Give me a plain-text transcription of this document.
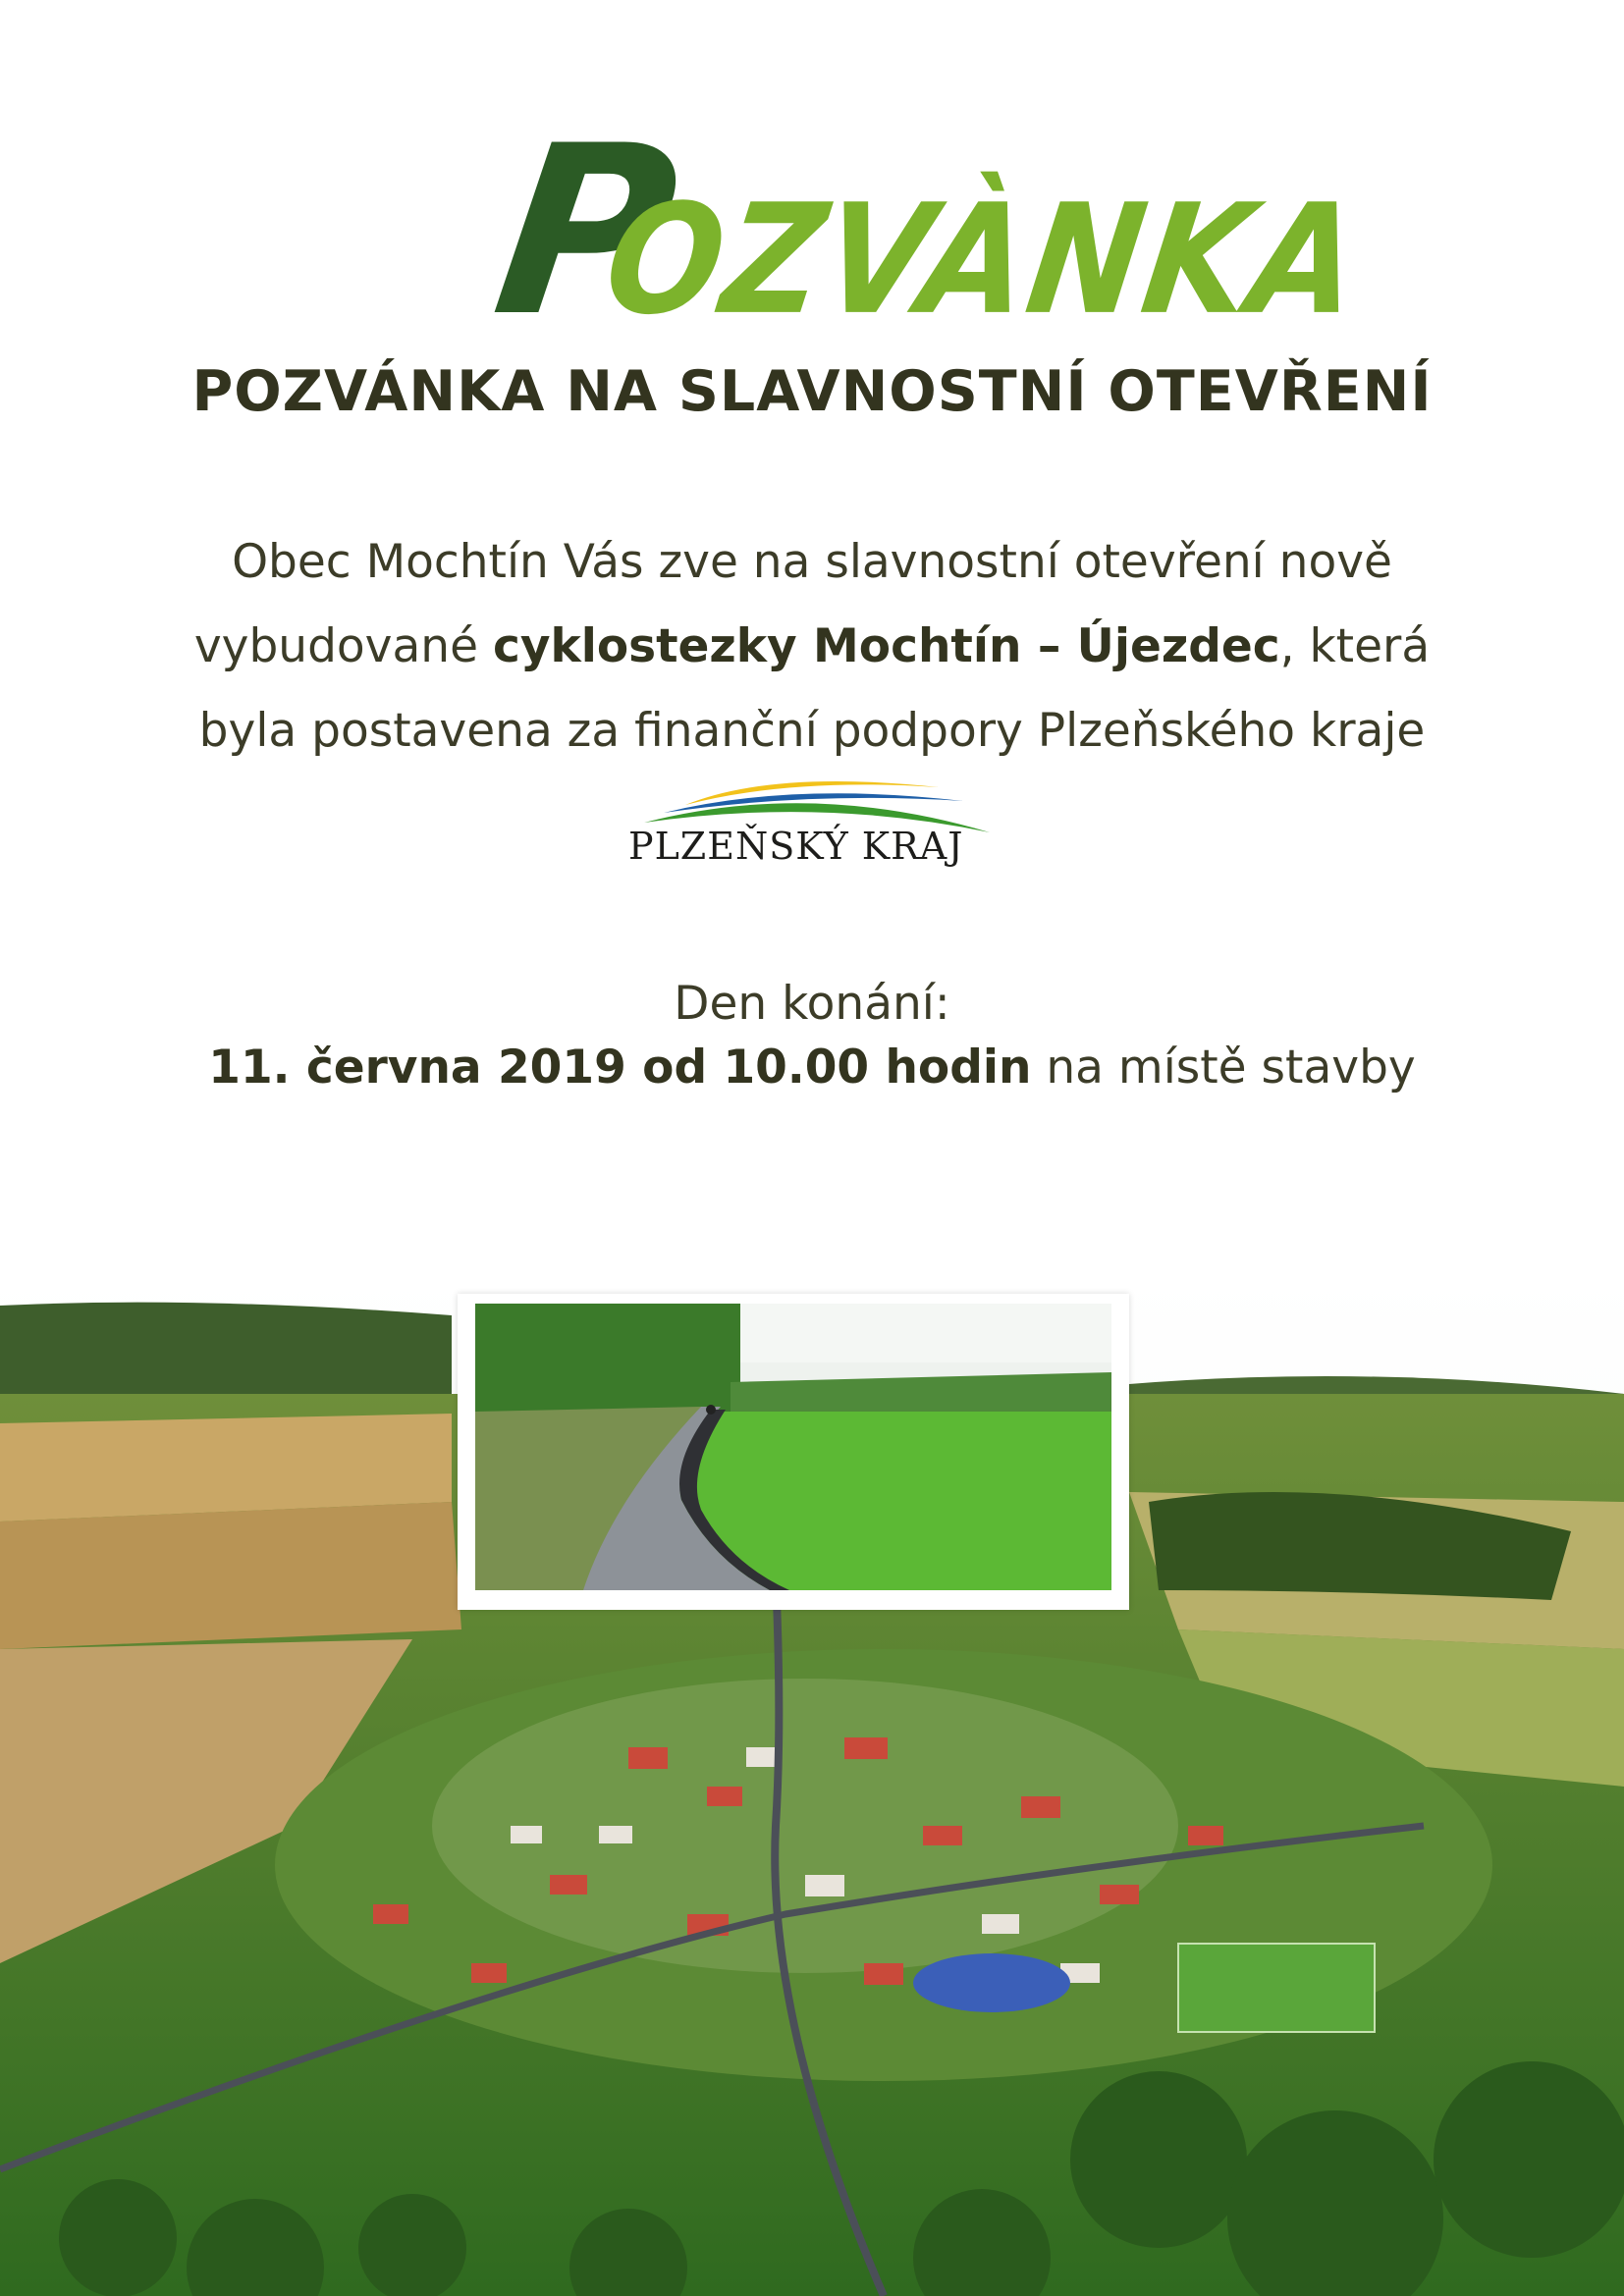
P
OZVÀNKA
POZVÁNKA NA SLAVNOSTNÍ OTEVŘENÍ
Obec Mochtín Vás zve na slavnostní otevření nově
vybudované cyklostezky Mochtín – Újezdec, která
byla postavena za finanční podpory Plzeňského kraje
PLZEŇSKÝ KRAJ
Den konání:
11. června 2019 od 10.00 hodin na místě stavby
